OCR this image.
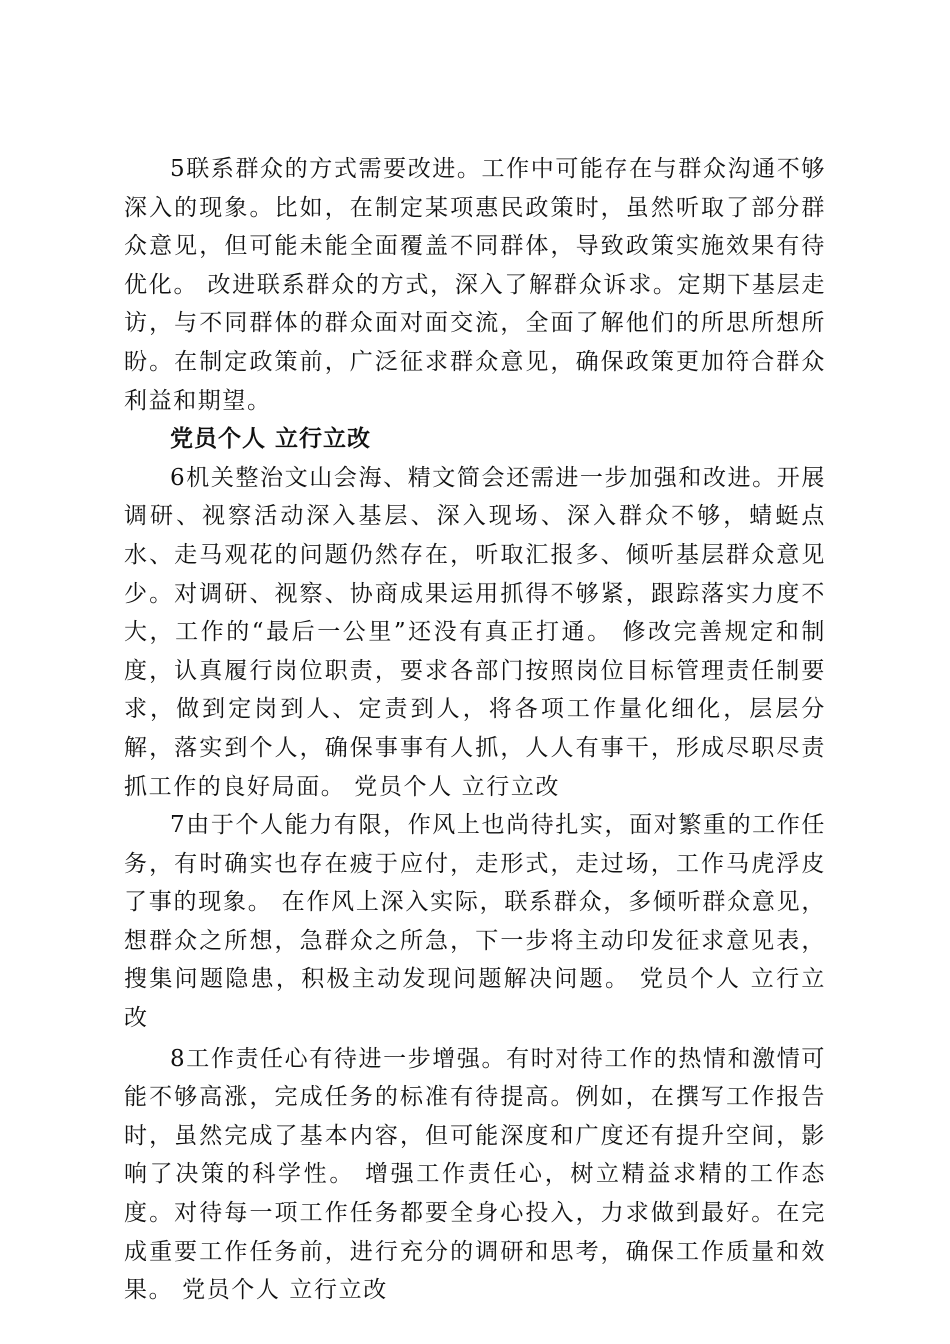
5联系群众的方式需要改进。工作中可能存在与群众沟通不够深入的现象。比如，在制定某项惠民政策时，虽然听取了部分群众意见，但可能未能全面覆盖不同群体，导致政策实施效果有待优化。 改进联系群众的方式，深入了解群众诉求。定期下基层走访，与不同群体的群众面对面交流，全面了解他们的所思所想所盼。在制定政策前，广泛征求群众意见，确保政策更加符合群众利益和期望。

党员个人 立行立改

6机关整治文山会海、精文简会还需进一步加强和改进。开展调研、视察活动深入基层、深入现场、深入群众不够，蜻蜓点水、走马观花的问题仍然存在，听取汇报多、倾听基层群众意见少。对调研、视察、协商成果运用抓得不够紧，跟踪落实力度不大，工作的“最后一公里”还没有真正打通。 修改完善规定和制度，认真履行岗位职责，要求各部门按照岗位目标管理责任制要求，做到定岗到人、定责到人，将各项工作量化细化，层层分解，落实到个人，确保事事有人抓，人人有事干，形成尽职尽责抓工作的良好局面。 党员个人 立行立改

7由于个人能力有限，作风上也尚待扎实，面对繁重的工作任务，有时确实也存在疲于应付，走形式，走过场，工作马虎浮皮了事的现象。 在作风上深入实际，联系群众，多倾听群众意见，想群众之所想，急群众之所急，下一步将主动印发征求意见表，搜集问题隐患，积极主动发现问题解决问题。 党员个人 立行立改

8工作责任心有待进一步增强。有时对待工作的热情和激情可能不够高涨，完成任务的标准有待提高。例如，在撰写工作报告时，虽然完成了基本内容，但可能深度和广度还有提升空间，影响了决策的科学性。 增强工作责任心，树立精益求精的工作态度。对待每一项工作任务都要全身心投入，力求做到最好。在完成重要工作任务前，进行充分的调研和思考，确保工作质量和效果。 党员个人 立行立改
